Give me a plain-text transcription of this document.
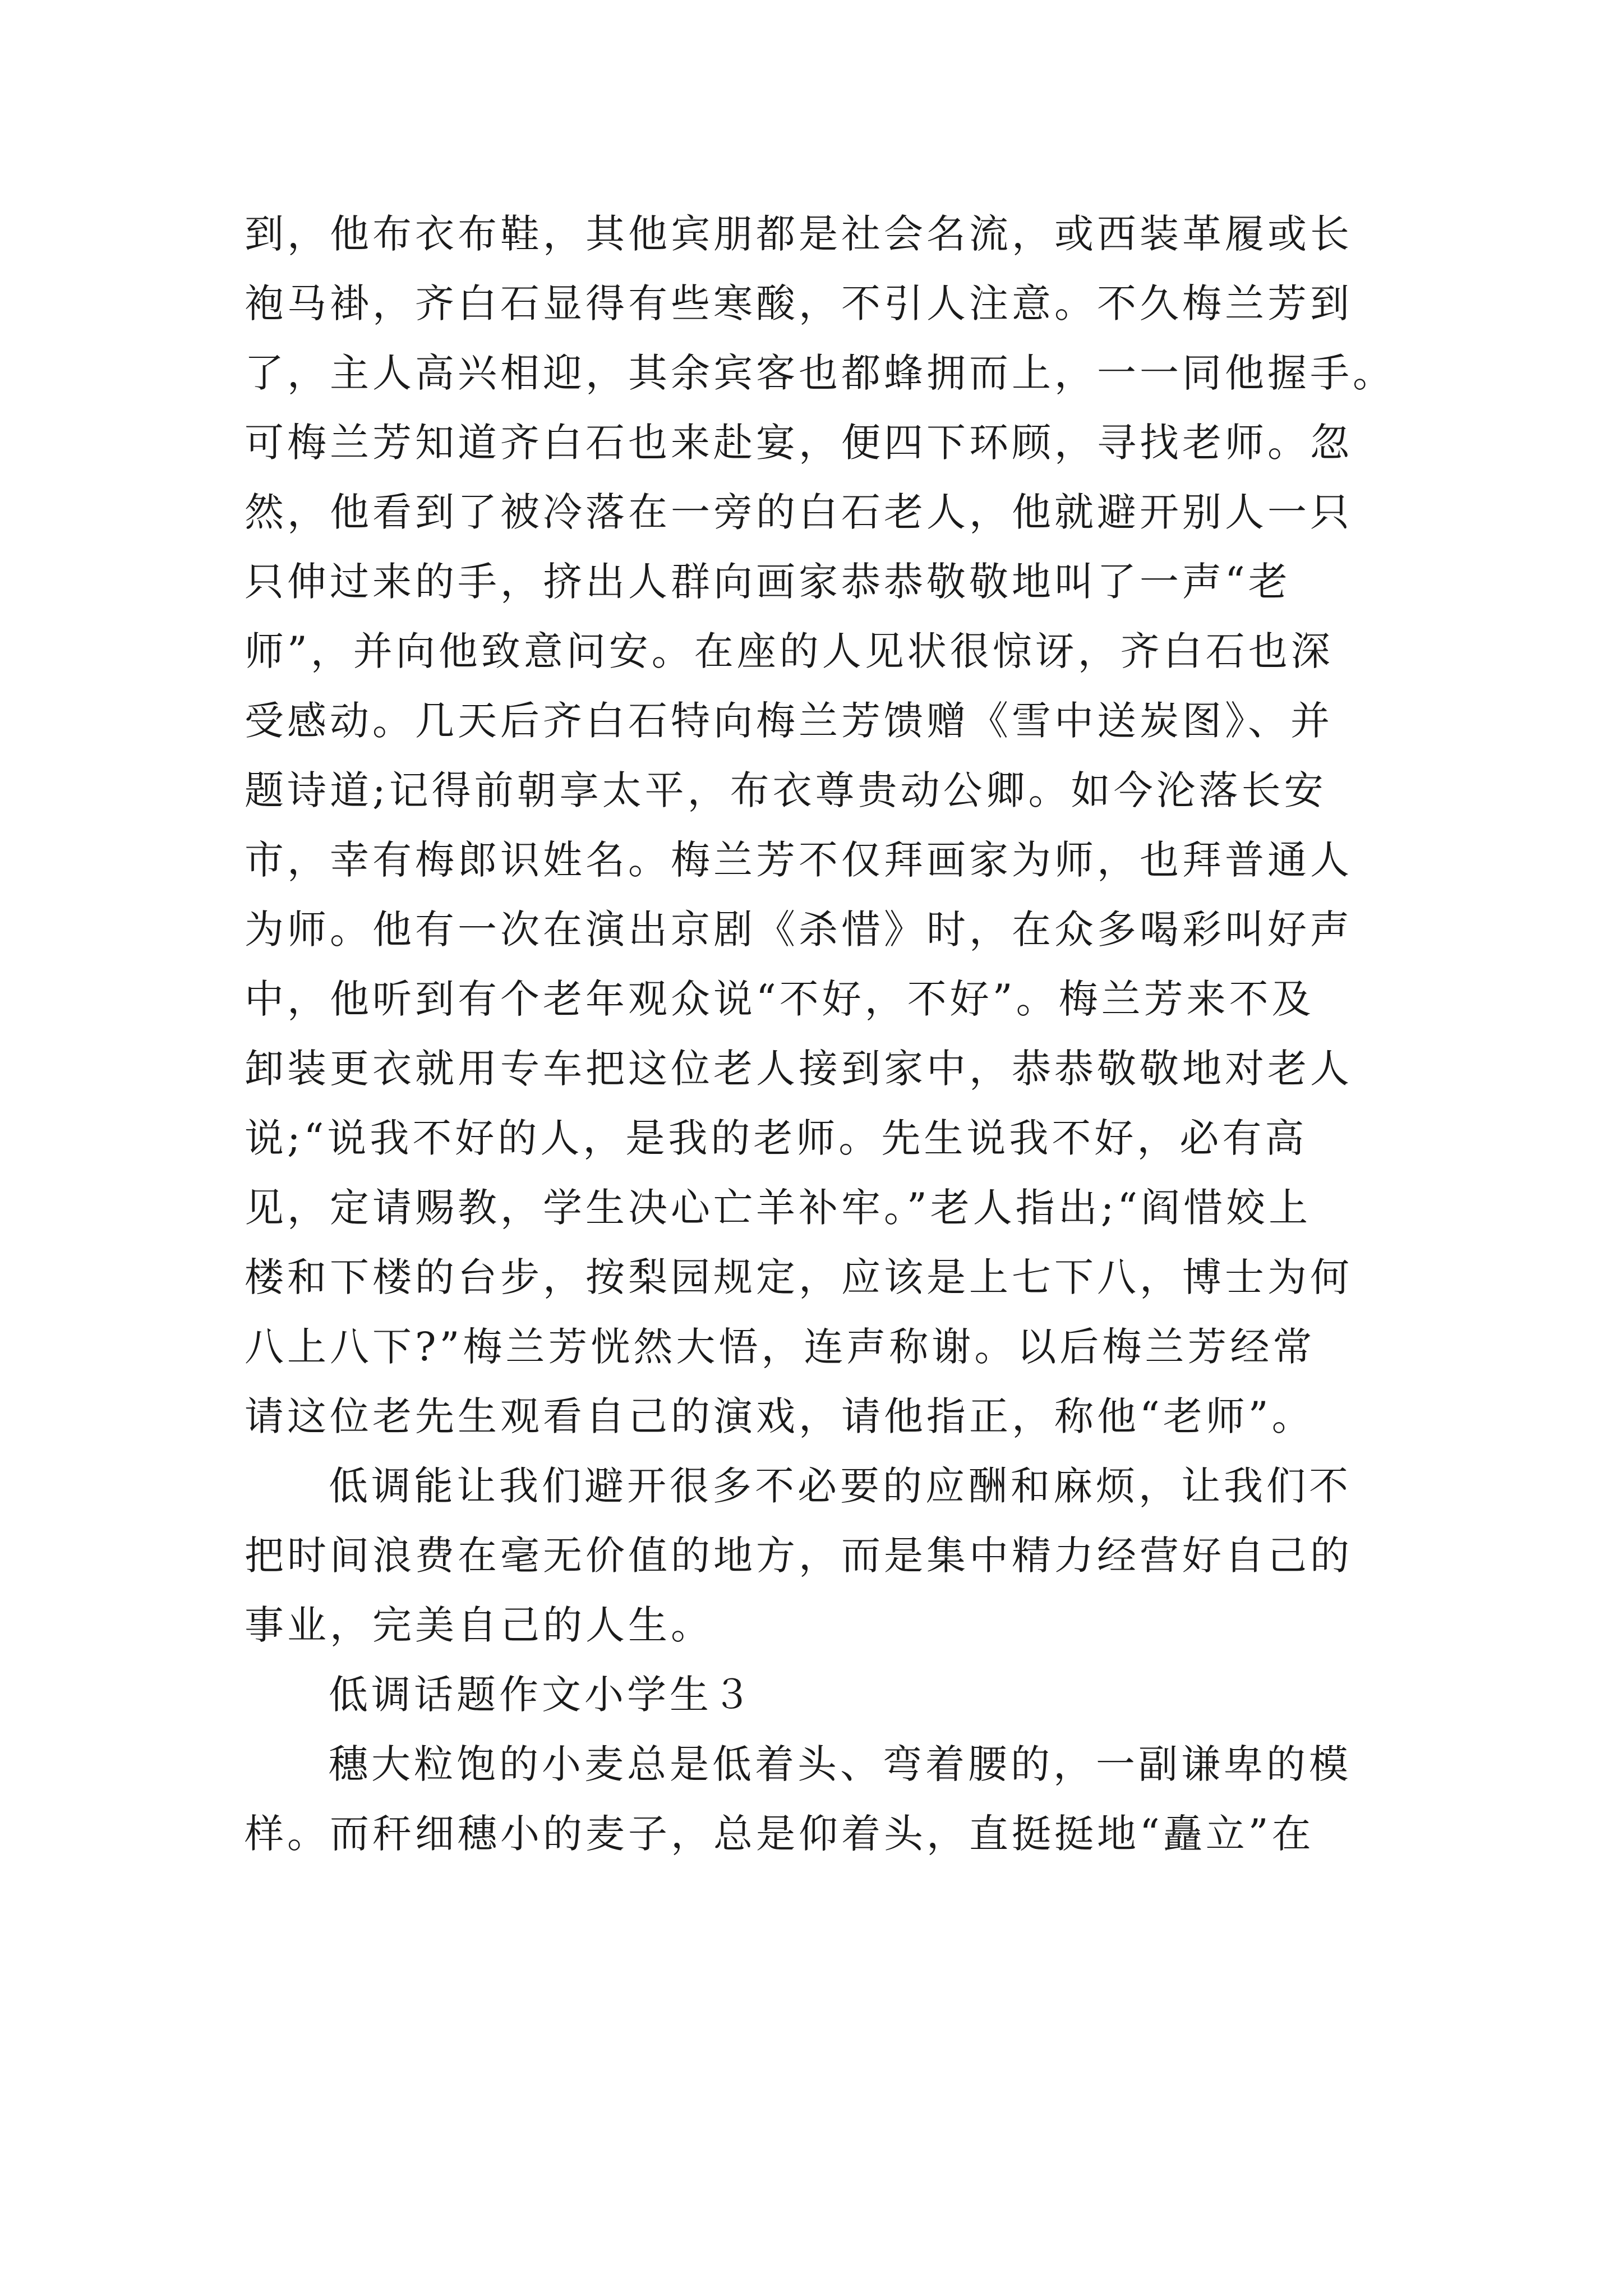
到，他布衣布鞋，其他宾朋都是社会名流，或西装革履或长
袍马褂，齐白石显得有些寒酸，不引人注意。不久梅兰芳到
了，主人高兴相迎，其余宾客也都蜂拥而上，一一同他握手。
可梅兰芳知道齐白石也来赴宴，便四下环顾，寻找老师。忽
然，他看到了被冷落在一旁的白石老人，他就避开别人一只
只伸过来的手，挤出人群向画家恭恭敬敬地叫了一声“老
师”，并向他致意问安。在座的人见状很惊讶，齐白石也深
受感动。几天后齐白石特向梅兰芳馈赠《雪中送炭图》、并
题诗道;记得前朝享太平，布衣尊贵动公卿。如今沦落长安
市，幸有梅郎识姓名。梅兰芳不仅拜画家为师，也拜普通人
为师。他有一次在演出京剧《杀惜》时，在众多喝彩叫好声
中，他听到有个老年观众说“不好，不好”。梅兰芳来不及
卸装更衣就用专车把这位老人接到家中，恭恭敬敬地对老人
说;“说我不好的人，是我的老师。先生说我不好，必有高
见，定请赐教，学生决心亡羊补牢。”老人指出;“阎惜姣上
楼和下楼的台步，按梨园规定，应该是上七下八，博士为何
八上八下?”梅兰芳恍然大悟，连声称谢。以后梅兰芳经常
请这位老先生观看自己的演戏，请他指正，称他“老师”。
低调能让我们避开很多不必要的应酬和麻烦，让我们不
把时间浪费在毫无价值的地方，而是集中精力经营好自己的
事业，完美自己的人生。
低调话题作文小学生３
穗大粒饱的小麦总是低着头、弯着腰的，一副谦卑的模
样。而秆细穗小的麦子，总是仰着头，直挺挺地“矗立”在
